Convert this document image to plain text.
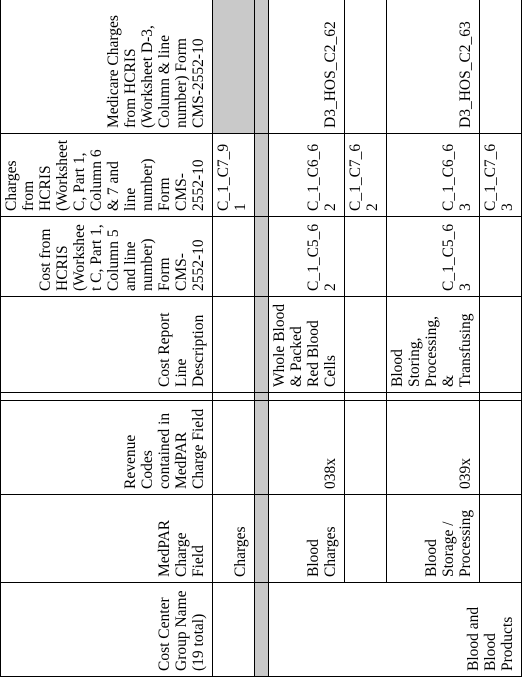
Cost Center Group Name (19 total)	MedPAR Charge Field	Revenue Codes contained in MedPAR Charge Field		Cost Report Line Description	Cost from HCRIS (Worksheet C, Part 1, Column 5 and line number) Form CMS-2552-10	Charges from HCRIS (Worksheet C, Part 1, Column 6 & 7 and line number) Form CMS-2552-10	Medicare Charges from HCRIS (Worksheet D-3, Column & line number) Form CMS-2552-10
	Charges					C_1_C7_91	

Blood and Blood Products	Blood Charges	038x		Whole Blood & Packed Red Blood Cells	C_1_C5_62	C_1_C6_62	D3_HOS_C2_62
						C_1_C7_62	
	Blood Storage / Processing	039x		Blood Storing, Processing, & Transfusing	C_1_C5_63	C_1_C6_63	D3_HOS_C2_63
						C_1_C7_63	
